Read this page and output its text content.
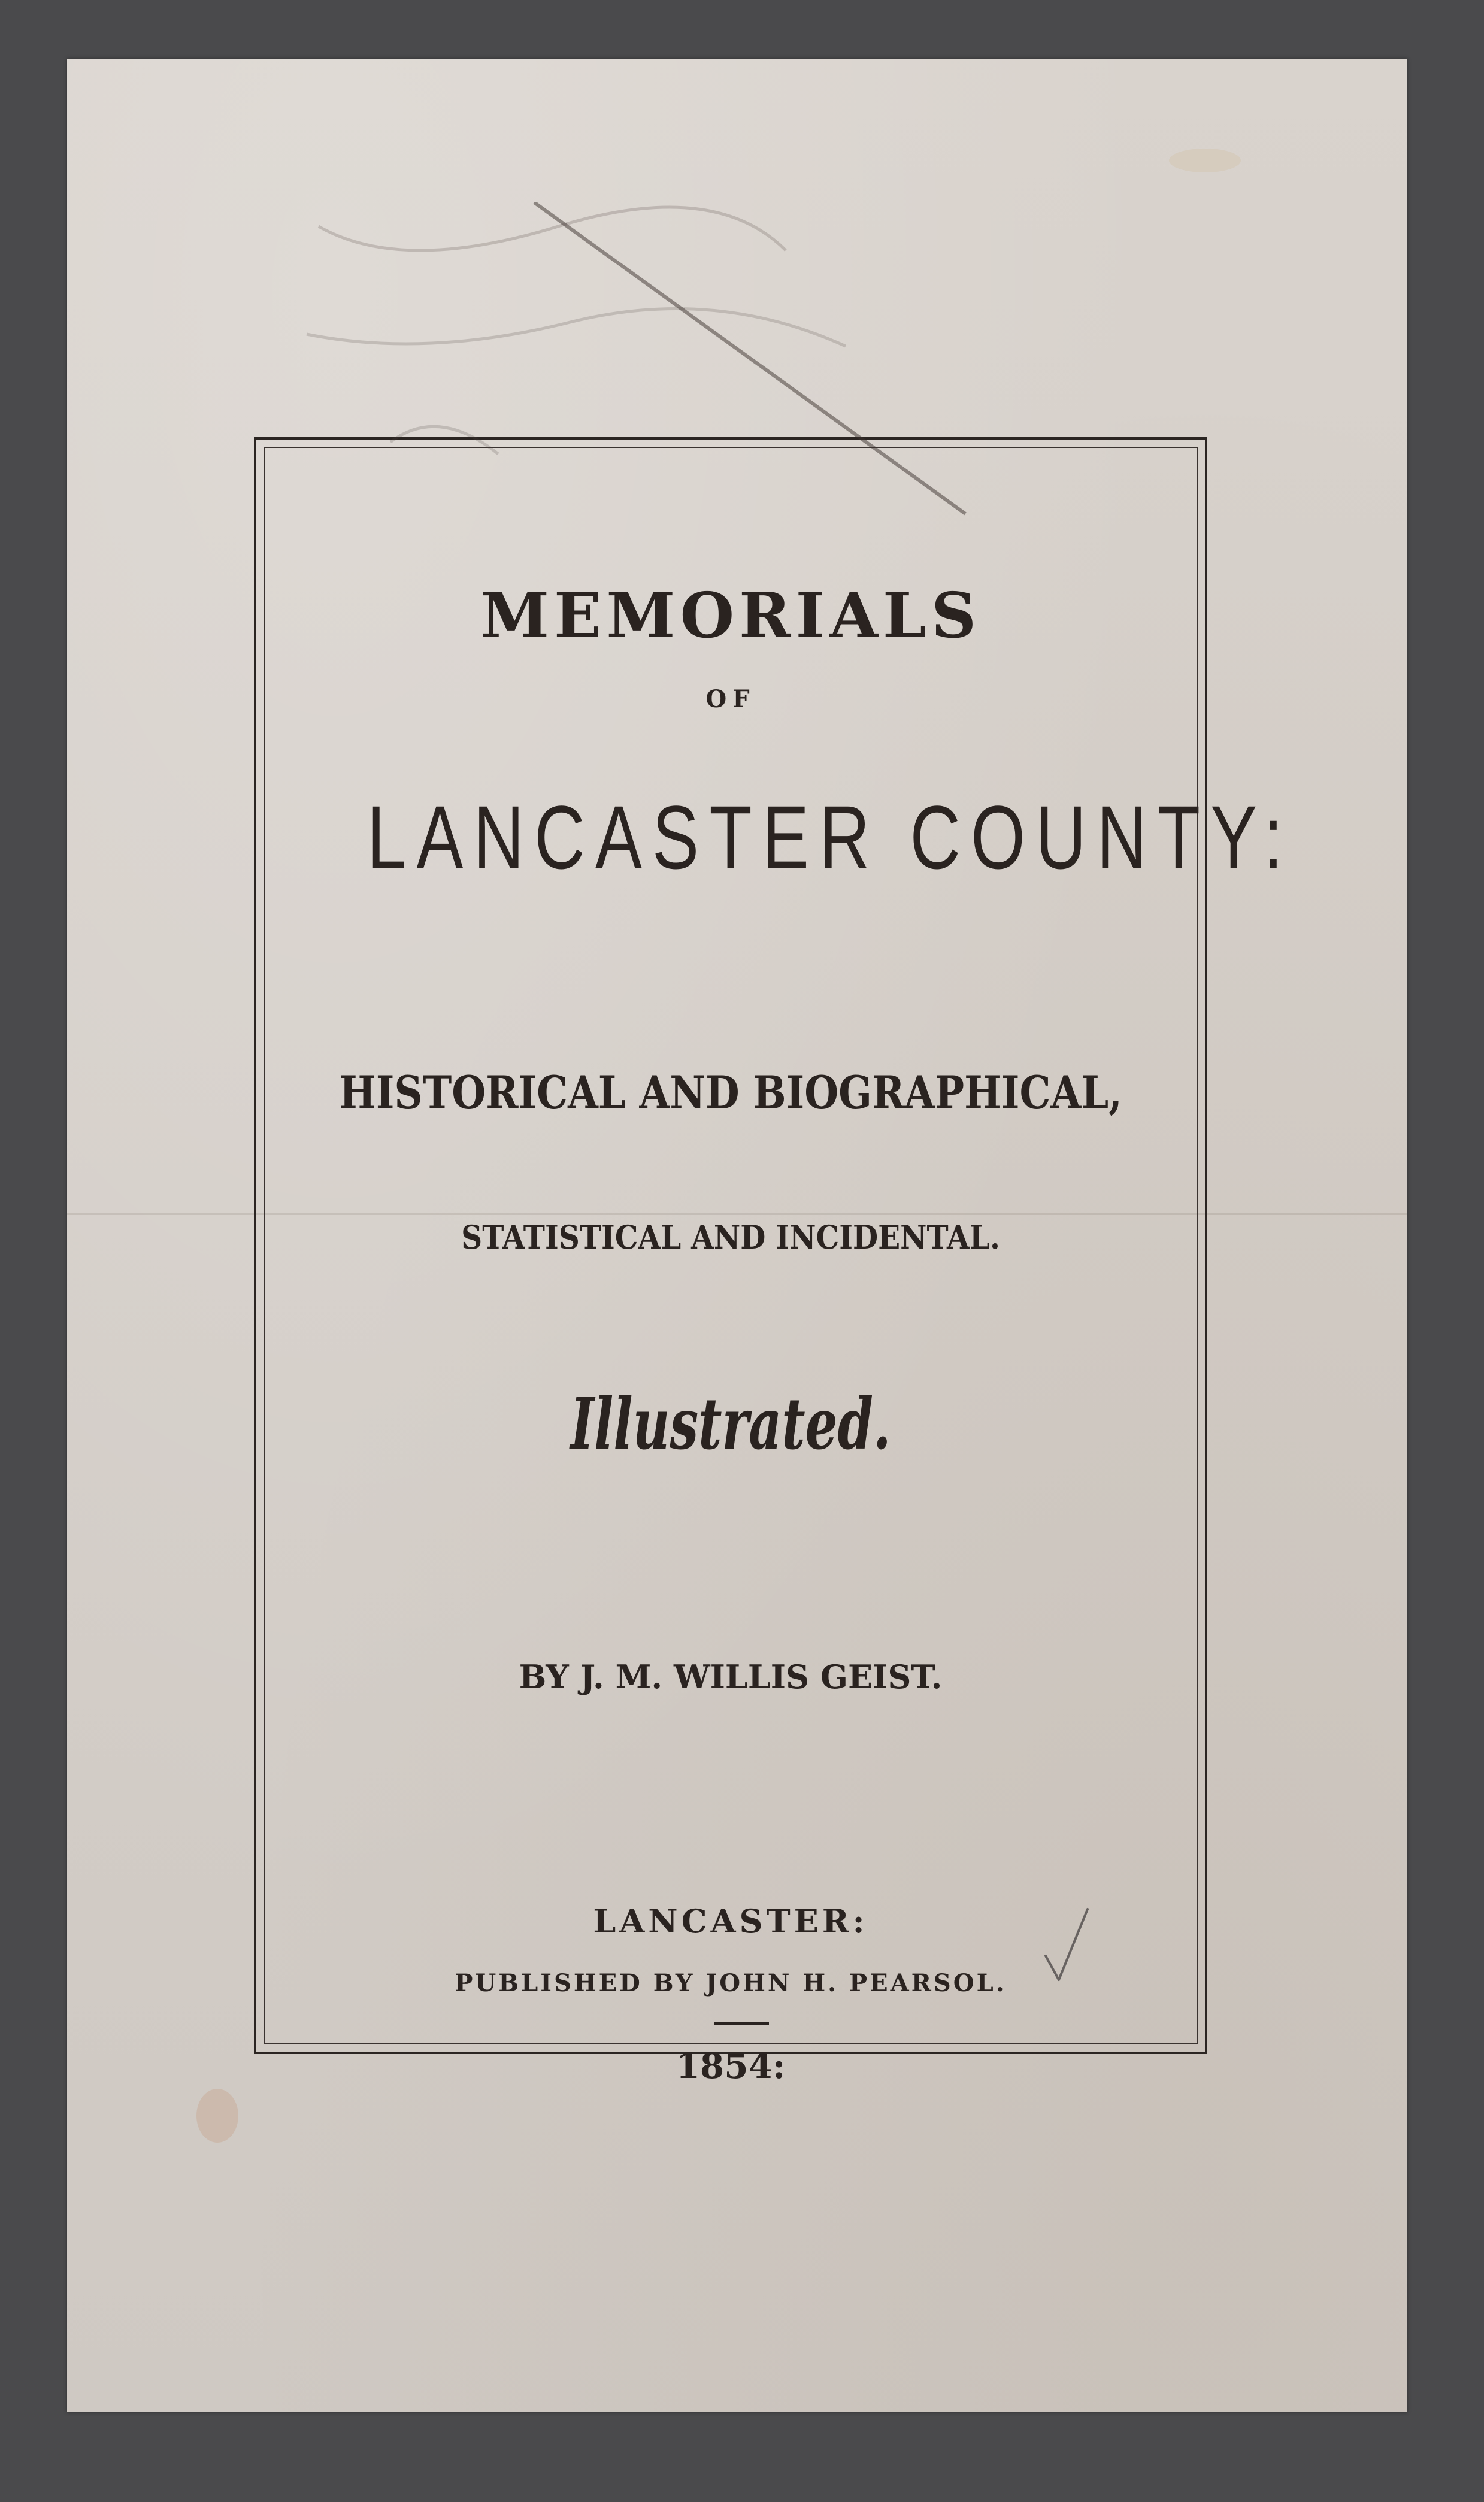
MEMORIALS
OF
LANCASTER COUNTY:
HISTORICAL AND BIOGRAPHICAL,
STATISTICAL AND INCIDENTAL.
Illustrated.
BY J. M. WILLIS GEIST.
LANCASTER:
PUBLISHED BY JOHN H. PEARSOL.
1854:
